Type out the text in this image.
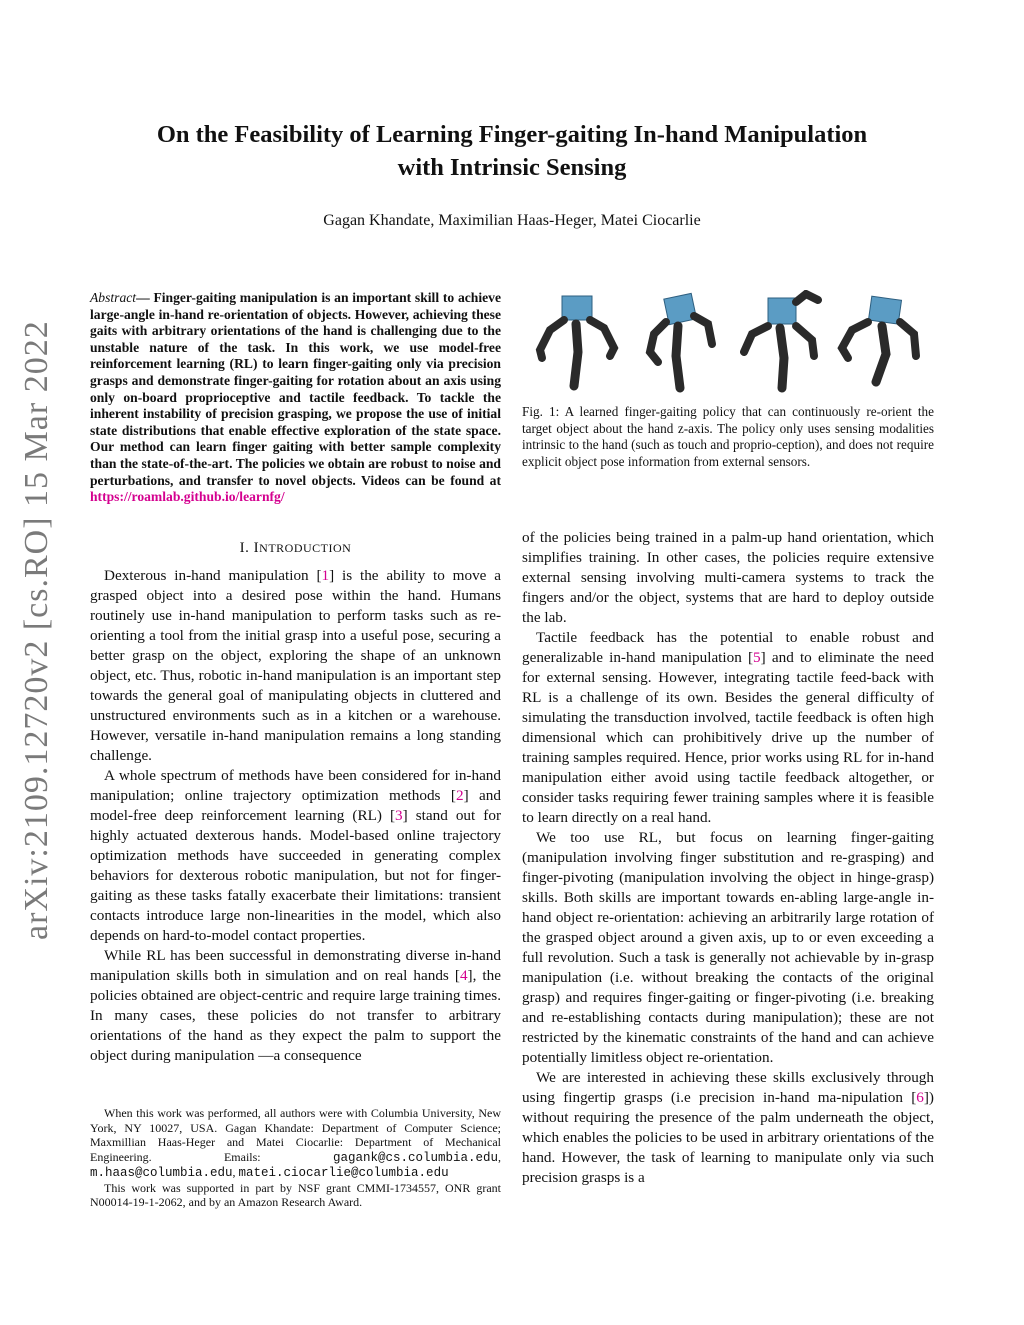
arXiv:2109.12720v2 [cs.RO] 15 Mar 2022
On the Feasibility of Learning Finger-gaiting In-hand Manipulation
with Intrinsic Sensing
Gagan Khandate, Maximilian Haas-Heger, Matei Ciocarlie
Abstract— Finger-gaiting manipulation is an important skill to achieve large-angle in-hand re-orientation of objects. However, achieving these gaits with arbitrary orientations of the hand is challenging due to the unstable nature of the task. In this work, we use model-free reinforcement learning (RL) to learn finger-gaiting only via precision grasps and demonstrate finger-gaiting for rotation about an axis using only on-board proprioceptive and tactile feedback. To tackle the inherent instability of precision grasping, we propose the use of initial state distributions that enable effective exploration of the state space. Our method can learn finger gaiting with better sample complexity than the state-of-the-art. The policies we obtain are robust to noise and perturbations, and transfer to novel objects. Videos can be found at https://roamlab.github.io/learnfg/
I. INTRODUCTION

Dexterous in-hand manipulation [1] is the ability to move a grasped object into a desired pose within the hand. Humans routinely use in-hand manipulation to perform tasks such as re-orienting a tool from the initial grasp into a useful pose, securing a better grasp on the object, exploring the shape of an unknown object, etc. Thus, robotic in-hand manipulation is an important step towards the general goal of manipulating objects in cluttered and unstructured environments such as in a kitchen or a warehouse. However, versatile in-hand manipulation remains a long standing challenge.

A whole spectrum of methods have been considered for in-hand manipulation; online trajectory optimization methods [2] and model-free deep reinforcement learning (RL) [3] stand out for highly actuated dexterous hands. Model-based online trajectory optimization methods have succeeded in generating complex behaviors for dexterous robotic manipulation, but not for finger-gaiting as these tasks fatally exacerbate their limitations: transient contacts introduce large non-linearities in the model, which also depends on hard-to-model contact properties.

While RL has been successful in demonstrating diverse in-hand manipulation skills both in simulation and on real hands [4], the policies obtained are object-centric and require large training times. In many cases, these policies do not transfer to arbitrary orientations of the hand as they expect the palm to support the object during manipulation —a consequence

When this work was performed, all authors were with Columbia University, New York, NY 10027, USA. Gagan Khandate: Department of Computer Science; Maxmillian Haas-Heger and Matei Ciocarlie: Department of Mechanical Engineering. Emails: gagank@cs.columbia.edu, m.haas@columbia.edu, matei.ciocarlie@columbia.edu

This work was supported in part by NSF grant CMMI-1734557, ONR grant N00014-19-1-2062, and by an Amazon Research Award.

Fig. 1: A learned finger-gaiting policy that can continuously re-orient the target object about the hand z-axis. The policy only uses sensing modalities intrinsic to the hand (such as touch and proprio-ception), and does not require explicit object pose information from external sensors.

of the policies being trained in a palm-up hand orientation, which simplifies training. In other cases, the policies require extensive external sensing involving multi-camera systems to track the fingers and/or the object, systems that are hard to deploy outside the lab.

Tactile feedback has the potential to enable robust and generalizable in-hand manipulation [5] and to eliminate the need for external sensing. However, integrating tactile feed-back with RL is a challenge of its own. Besides the general difficulty of simulating the transduction involved, tactile feedback is often high dimensional which can prohibitively drive up the number of training samples required. Hence, prior works using RL for in-hand manipulation either avoid using tactile feedback altogether, or consider tasks requiring fewer training samples where it is feasible to learn directly on a real hand.

We too use RL, but focus on learning finger-gaiting (manipulation involving finger substitution and re-grasping) and finger-pivoting (manipulation involving the object in hinge-grasp) skills. Both skills are important towards en-abling large-angle in-hand object re-orientation: achieving an arbitrarily large rotation of the grasped object around a given axis, up to or even exceeding a full revolution. Such a task is generally not achievable by in-grasp manipulation (i.e. without breaking the contacts of the original grasp) and requires finger-gaiting or finger-pivoting (i.e. breaking and re-establishing contacts during manipulation); these are not restricted by the kinematic constraints of the hand and can achieve potentially limitless object re-orientation.

We are interested in achieving these skills exclusively through using fingertip grasps (i.e precision in-hand ma-nipulation [6]) without requiring the presence of the palm underneath the object, which enables the policies to be used in arbitrary orientations of the hand. However, the task of learning to manipulate only via such precision grasps is a
